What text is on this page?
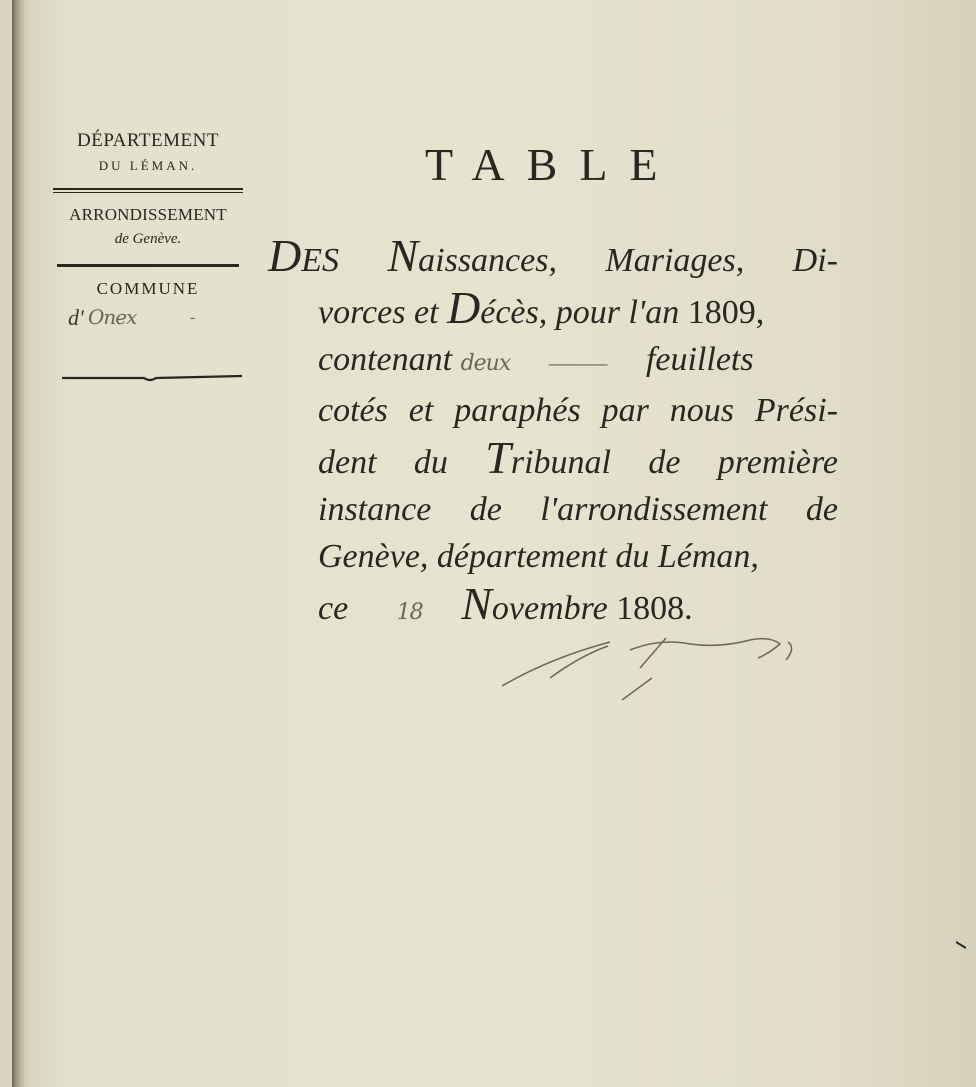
DÉPARTEMENT
DU LÉMAN.
ARRONDISSEMENT
de Genève.
COMMUNE
d' Onex	-
TABLE
DES Naissances, Mariages, Di-
vorces et Décès, pour l'an 1809,
contenant deux ——— feuillets
cotés et paraphés par nous Prési-
dent du Tribunal de première
instance de l'arrondissement de
Genève, département du Léman,
ce 18 Novembre 1808.
